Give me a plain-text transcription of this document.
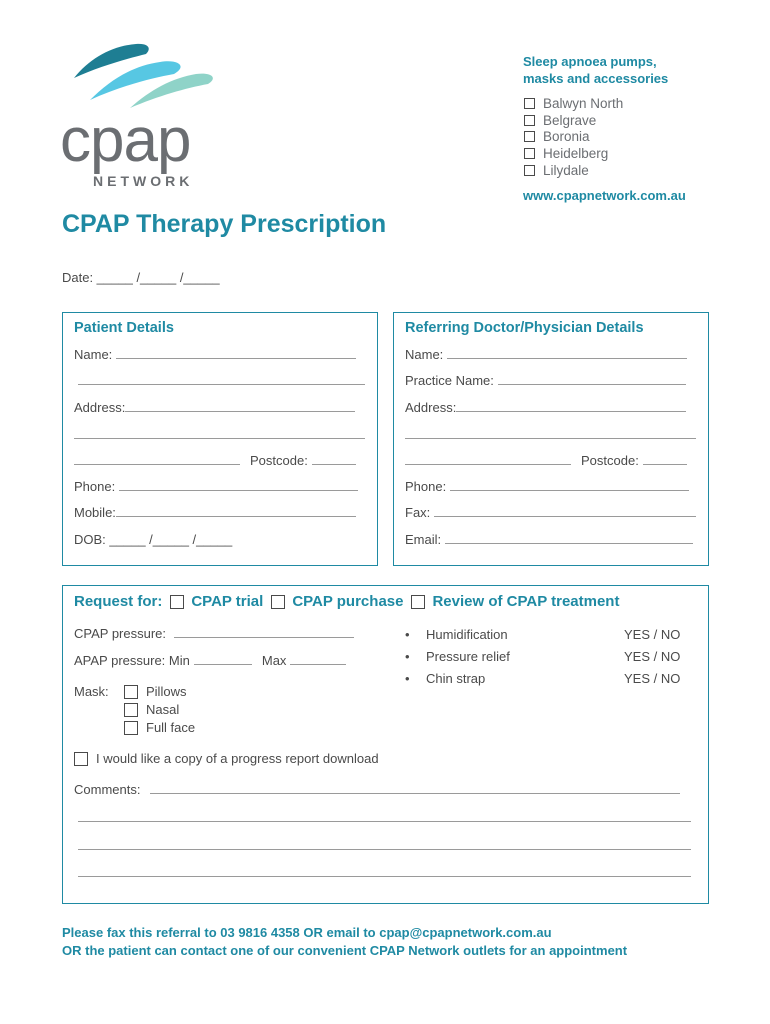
cpap
NETWORK
Sleep apnoea pumps,
masks and accessories
Balwyn North
Belgrave
Boronia
Heidelberg
Lilydale
www.cpapnetwork.com.au
CPAP Therapy Prescription
Date: _____ /_____ /_____
Patient Details
Name:
Address:
Postcode:
Phone:
Mobile:
DOB: _____ /_____ /_____
Referring Doctor/Physician Details
Name:
Practice Name:
Address:
Postcode:
Phone:
Fax:
Email:
Request for: CPAP trial CPAP purchase Review of CPAP treatment
CPAP pressure:
APAP pressure: Min	Max
Mask:	Pillows
Nasal
Full face
• Humidification	YES / NO
• Pressure relief	YES / NO
• Chin strap	YES / NO
I would like a copy of a progress report download
Comments:
Please fax this referral to 03 9816 4358 OR email to cpap@cpapnetwork.com.au
OR the patient can contact one of our convenient CPAP Network outlets for an appointment
